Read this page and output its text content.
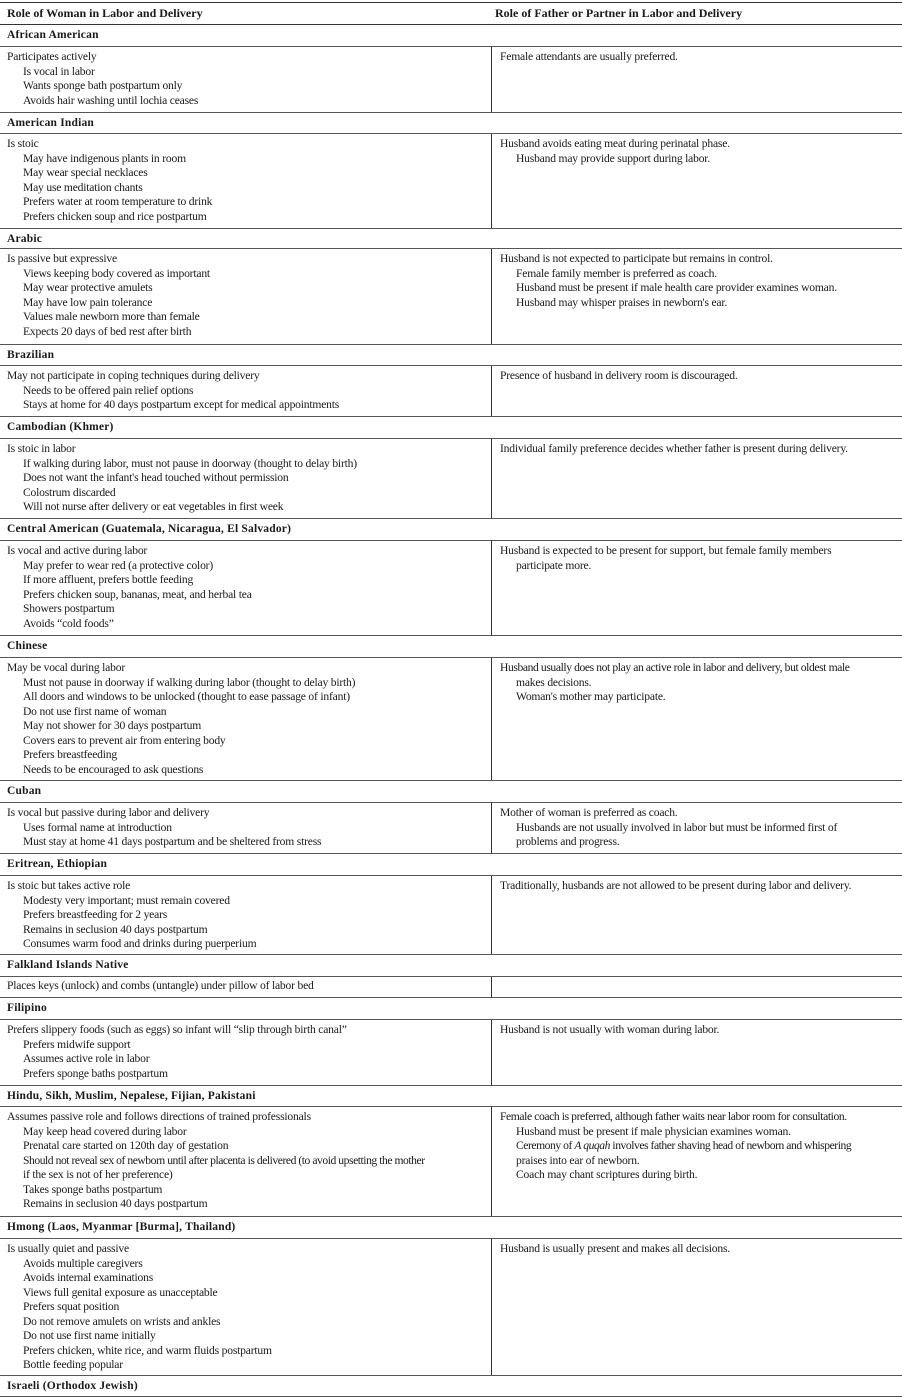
Role of Woman in Labor and Delivery	Role of Father or Partner in Labor and Delivery
African American
Participates actively
Is vocal in labor
Wants sponge bath postpartum only
Avoids hair washing until lochia ceases
Female attendants are usually preferred.
American Indian
Is stoic
May have indigenous plants in room
May wear special necklaces
May use meditation chants
Prefers water at room temperature to drink
Prefers chicken soup and rice postpartum
Husband avoids eating meat during perinatal phase.
Husband may provide support during labor.
Arabic
Is passive but expressive
Views keeping body covered as important
May wear protective amulets
May have low pain tolerance
Values male newborn more than female
Expects 20 days of bed rest after birth
Husband is not expected to participate but remains in control.
Female family member is preferred as coach.
Husband must be present if male health care provider examines woman.
Husband may whisper praises in newborn's ear.
Brazilian
May not participate in coping techniques during delivery
Needs to be offered pain relief options
Stays at home for 40 days postpartum except for medical appointments
Presence of husband in delivery room is discouraged.
Cambodian (Khmer)
Is stoic in labor
If walking during labor, must not pause in doorway (thought to delay birth)
Does not want the infant's head touched without permission
Colostrum discarded
Will not nurse after delivery or eat vegetables in first week
Individual family preference decides whether father is present during delivery.
Central American (Guatemala, Nicaragua, El Salvador)
Is vocal and active during labor
May prefer to wear red (a protective color)
If more affluent, prefers bottle feeding
Prefers chicken soup, bananas, meat, and herbal tea
Showers postpartum
Avoids “cold foods”
Husband is expected to be present for support, but female family members
participate more.
Chinese
May be vocal during labor
Must not pause in doorway if walking during labor (thought to delay birth)
All doors and windows to be unlocked (thought to ease passage of infant)
Do not use first name of woman
May not shower for 30 days postpartum
Covers ears to prevent air from entering body
Prefers breastfeeding
Needs to be encouraged to ask questions
Husband usually does not play an active role in labor and delivery, but oldest male
makes decisions.
Woman's mother may participate.
Cuban
Is vocal but passive during labor and delivery
Uses formal name at introduction
Must stay at home 41 days postpartum and be sheltered from stress
Mother of woman is preferred as coach.
Husbands are not usually involved in labor but must be informed first of
problems and progress.
Eritrean, Ethiopian
Is stoic but takes active role
Modesty very important; must remain covered
Prefers breastfeeding for 2 years
Remains in seclusion 40 days postpartum
Consumes warm food and drinks during puerperium
Traditionally, husbands are not allowed to be present during labor and delivery.
Falkland Islands Native
Places keys (unlock) and combs (untangle) under pillow of labor bed
Filipino
Prefers slippery foods (such as eggs) so infant will “slip through birth canal”
Prefers midwife support
Assumes active role in labor
Prefers sponge baths postpartum
Husband is not usually with woman during labor.
Hindu, Sikh, Muslim, Nepalese, Fijian, Pakistani
Assumes passive role and follows directions of trained professionals
May keep head covered during labor
Prenatal care started on 120th day of gestation
Should not reveal sex of newborn until after placenta is delivered (to avoid upsetting the mother
if the sex is not of her preference)
Takes sponge baths postpartum
Remains in seclusion 40 days postpartum
Female coach is preferred, although father waits near labor room for consultation.
Husband must be present if male physician examines woman.
Ceremony of A quqah involves father shaving head of newborn and whispering
praises into ear of newborn.
Coach may chant scriptures during birth.
Hmong (Laos, Myanmar [Burma], Thailand)
Is usually quiet and passive
Avoids multiple caregivers
Avoids internal examinations
Views full genital exposure as unacceptable
Prefers squat position
Do not remove amulets on wrists and ankles
Do not use first name initially
Prefers chicken, white rice, and warm fluids postpartum
Bottle feeding popular
Husband is usually present and makes all decisions.
Israeli (Orthodox Jewish)
